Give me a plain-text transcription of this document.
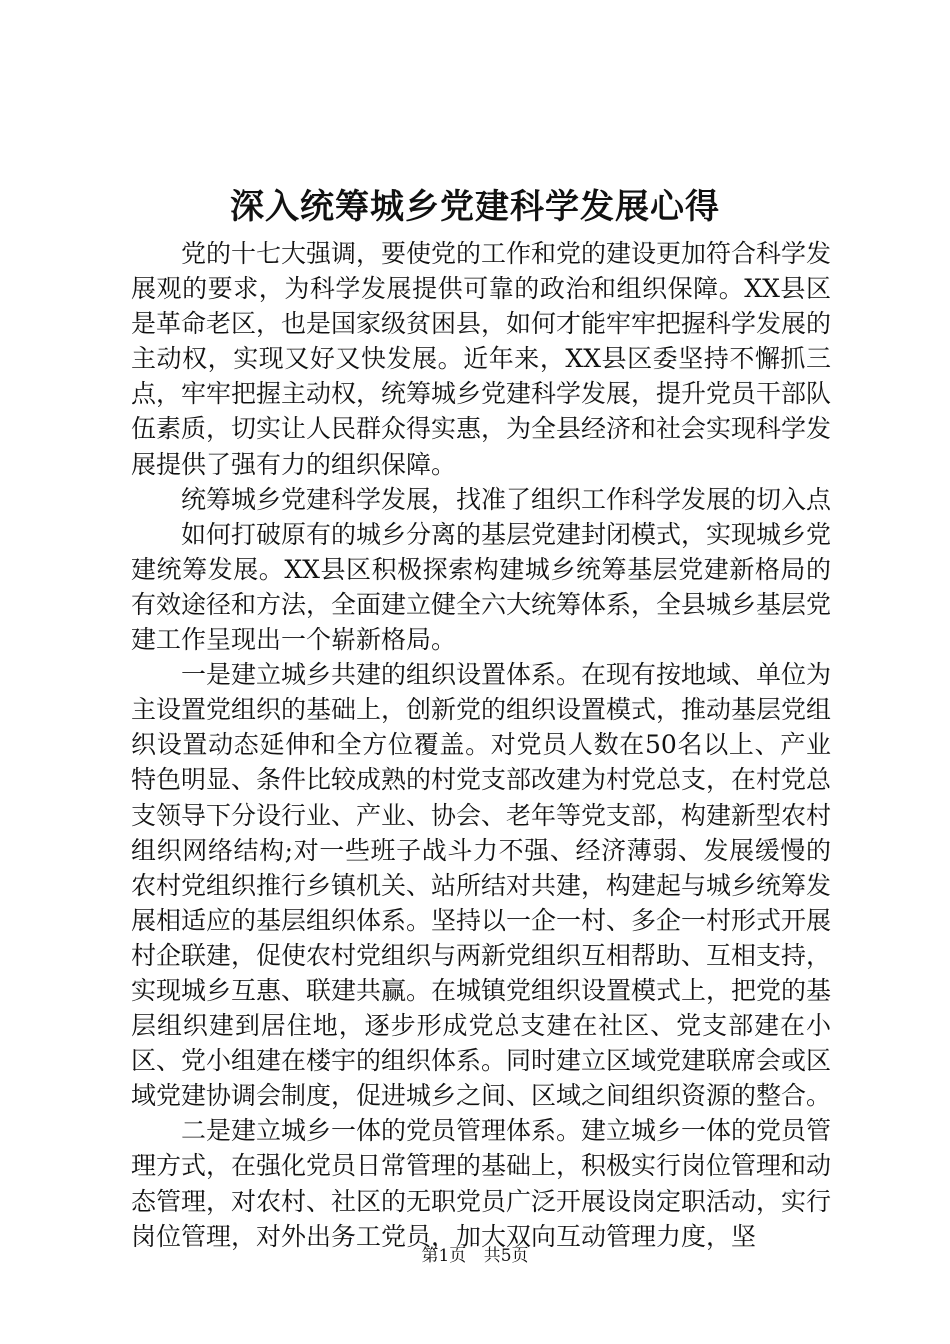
深入统筹城乡党建科学发展心得

党的十七大强调，要使党的工作和党的建设更加符合科学发展观的要求，为科学发展提供可靠的政治和组织保障。XX县区是革命老区，也是国家级贫困县，如何才能牢牢把握科学发展的主动权，实现又好又快发展。近年来，XX县区委坚持不懈抓三点，牢牢把握主动权，统筹城乡党建科学发展，提升党员干部队伍素质，切实让人民群众得实惠，为全县经济和社会实现科学发展提供了强有力的组织保障。

统筹城乡党建科学发展，找准了组织工作科学发展的切入点

如何打破原有的城乡分离的基层党建封闭模式，实现城乡党建统筹发展。XX县区积极探索构建城乡统筹基层党建新格局的有效途径和方法，全面建立健全六大统筹体系，全县城乡基层党建工作呈现出一个崭新格局。

一是建立城乡共建的组织设置体系。在现有按地域、单位为主设置党组织的基础上，创新党的组织设置模式，推动基层党组织设置动态延伸和全方位覆盖。对党员人数在50名以上、产业特色明显、条件比较成熟的村党支部改建为村党总支，在村党总支领导下分设行业、产业、协会、老年等党支部，构建新型农村组织网络结构;对一些班子战斗力不强、经济薄弱、发展缓慢的农村党组织推行乡镇机关、站所结对共建，构建起与城乡统筹发展相适应的基层组织体系。坚持以一企一村、多企一村形式开展村企联建，促使农村党组织与两新党组织互相帮助、互相支持，实现城乡互惠、联建共赢。在城镇党组织设置模式上，把党的基层组织建到居住地，逐步形成党总支建在社区、党支部建在小区、党小组建在楼宇的组织体系。同时建立区域党建联席会或区域党建协调会制度，促进城乡之间、区域之间组织资源的整合。

二是建立城乡一体的党员管理体系。建立城乡一体的党员管理方式，在强化党员日常管理的基础上，积极实行岗位管理和动态管理，对农村、社区的无职党员广泛开展设岗定职活动，实行岗位管理，对外出务工党员，加大双向互动管理力度，坚

第1页 共5页
